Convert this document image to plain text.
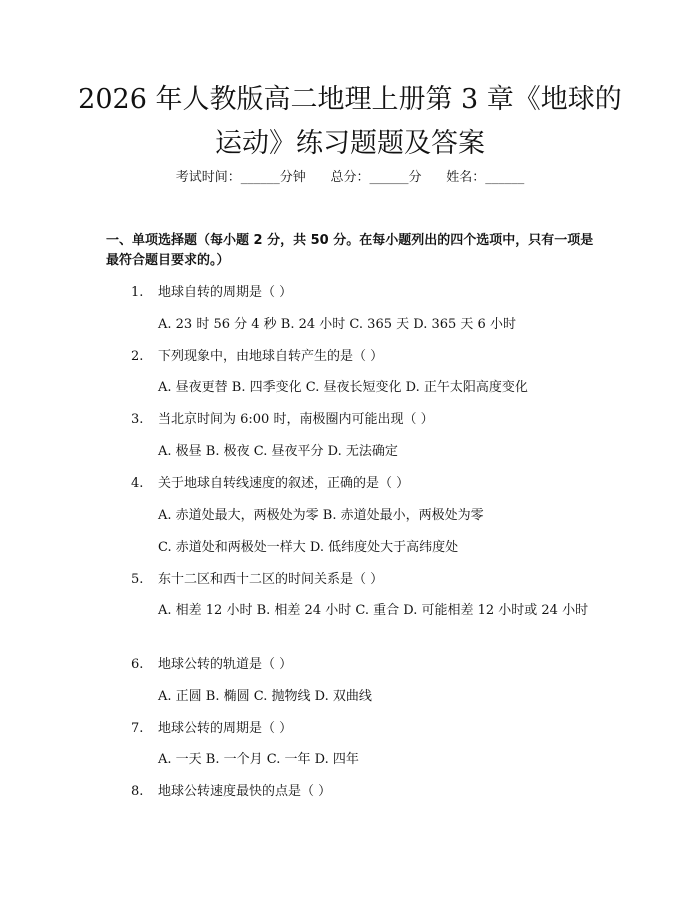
2026 年人教版高二地理上册第 3 章《地球的
运动》练习题题及答案
考试时间：______分钟      总分：______分      姓名：______
一、单项选择题（每小题 2 分，共 50 分。在每小题列出的四个选项中，只有一项是最符合题目要求的。）
1. 地球自转的周期是（ ）
A. 23 时 56 分 4 秒 B. 24 小时 C. 365 天 D. 365 天 6 小时
2. 下列现象中，由地球自转产生的是（ ）
A. 昼夜更替 B. 四季变化 C. 昼夜长短变化 D. 正午太阳高度变化
3. 当北京时间为 6:00 时，南极圈内可能出现（ ）
A. 极昼 B. 极夜 C. 昼夜平分 D. 无法确定
4. 关于地球自转线速度的叙述，正确的是（ ）
A. 赤道处最大，两极处为零 B. 赤道处最小，两极处为零
C. 赤道处和两极处一样大 D. 低纬度处大于高纬度处
5. 东十二区和西十二区的时间关系是（ ）
A. 相差 12 小时 B. 相差 24 小时 C. 重合 D. 可能相差 12 小时或 24 小时
6. 地球公转的轨道是（ ）
A. 正圆 B. 椭圆 C. 抛物线 D. 双曲线
7. 地球公转的周期是（ ）
A. 一天 B. 一个月 C. 一年 D. 四年
8. 地球公转速度最快的点是（ ）
